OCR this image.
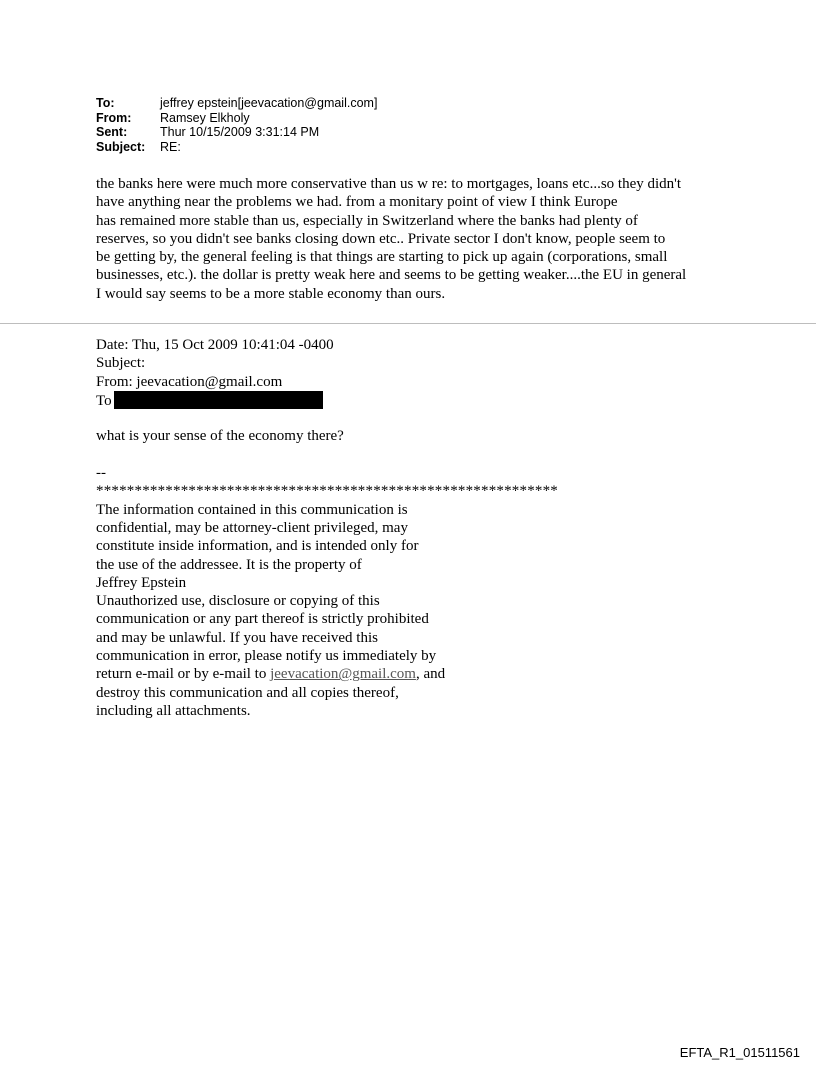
To:	jeffrey epstein[jeevacation@gmail.com]
From:	Ramsey Elkholy
Sent:	Thur 10/15/2009 3:31:14 PM
Subject:	RE:
the banks here were much more conservative than us w re: to mortgages, loans etc...so they didn't
have anything near the problems we had. from a monitary point of view I think Europe
has remained more stable than us, especially in Switzerland where the banks had plenty of
reserves, so you didn't see banks closing down etc.. Private sector I don't know, people seem to
be getting by, the general feeling is that things are starting to pick up again (corporations, small
businesses, etc.). the dollar is pretty weak here and seems to be getting weaker....the EU in general
I would say seems to be a more stable economy than ours.
Date: Thu, 15 Oct 2009 10:41:04 -0400
Subject:
From: jeevacation@gmail.com
To
what is your sense of the economy there?
--
************************************************************
The information contained in this communication is
confidential, may be attorney-client privileged, may
constitute inside information, and is intended only for
the use of the addressee. It is the property of
Jeffrey Epstein
Unauthorized use, disclosure or copying of this
communication or any part thereof is strictly prohibited
and may be unlawful. If you have received this
communication in error, please notify us immediately by
return e-mail or by e-mail to jeevacation@gmail.com, and
destroy this communication and all copies thereof,
including all attachments.
EFTA_R1_01511561
